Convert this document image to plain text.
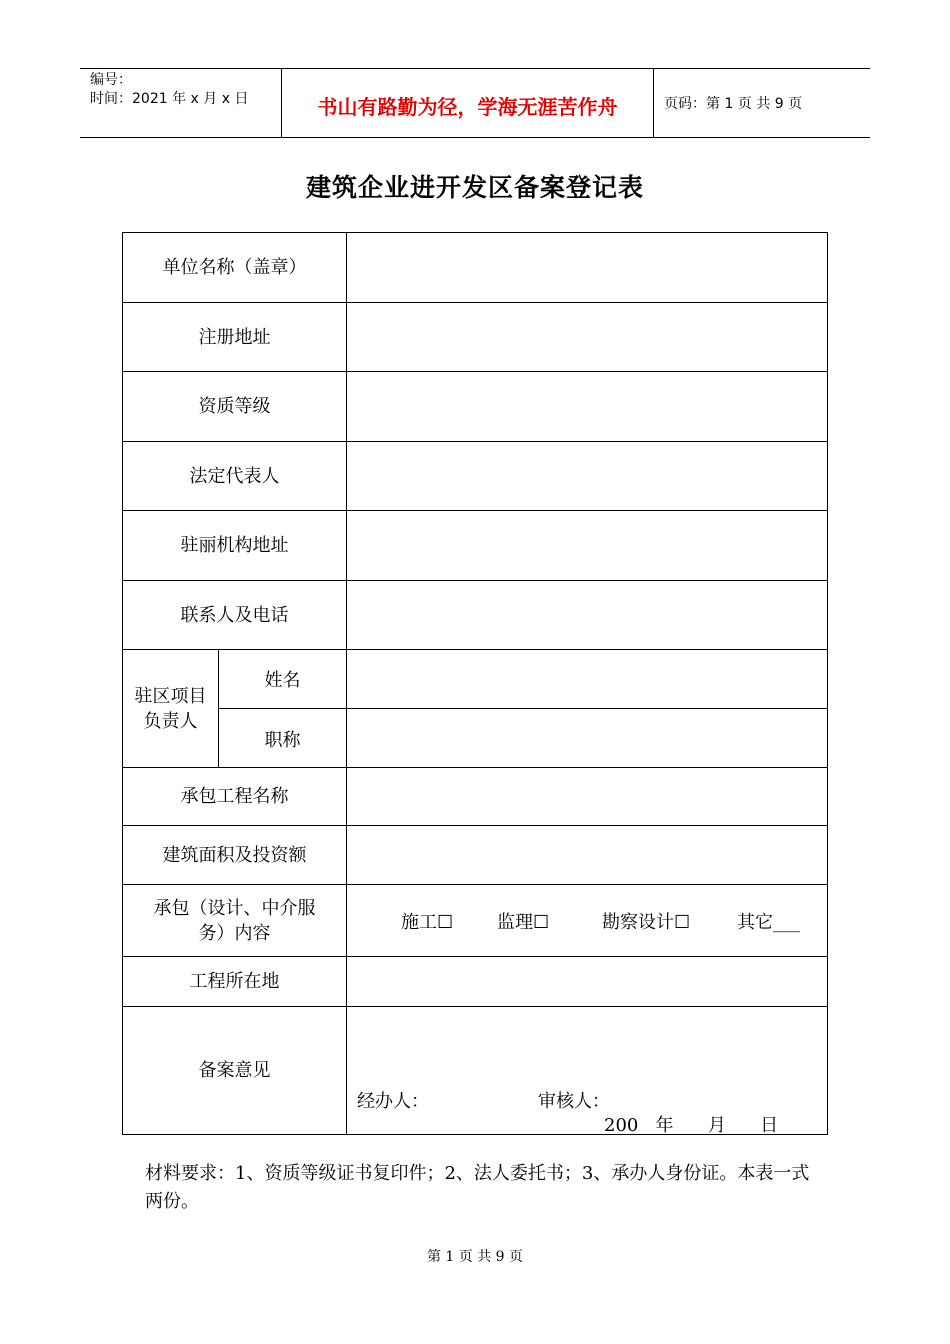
编号：
时间：2021 年 x 月 x 日	书山有路勤为径，学海无涯苦作舟	页码：第 1 页 共 9 页
建筑企业进开发区备案登记表
单位名称（盖章）
注册地址
资质等级
法定代表人
驻丽机构地址
联系人及电话
驻区项目负责人
姓名
职称
承包工程名称
建筑面积及投资额
承包（设计、中介服务）内容
施工☐ 监理☐	勘察设计☐	其它___
工程所在地
备案意见
经办人：	审核人：
200   年      月      日
材料要求：1、资质等级证书复印件；2、法人委托书；3、承办人身份证。本表一式两份。
第 1 页 共 9 页
